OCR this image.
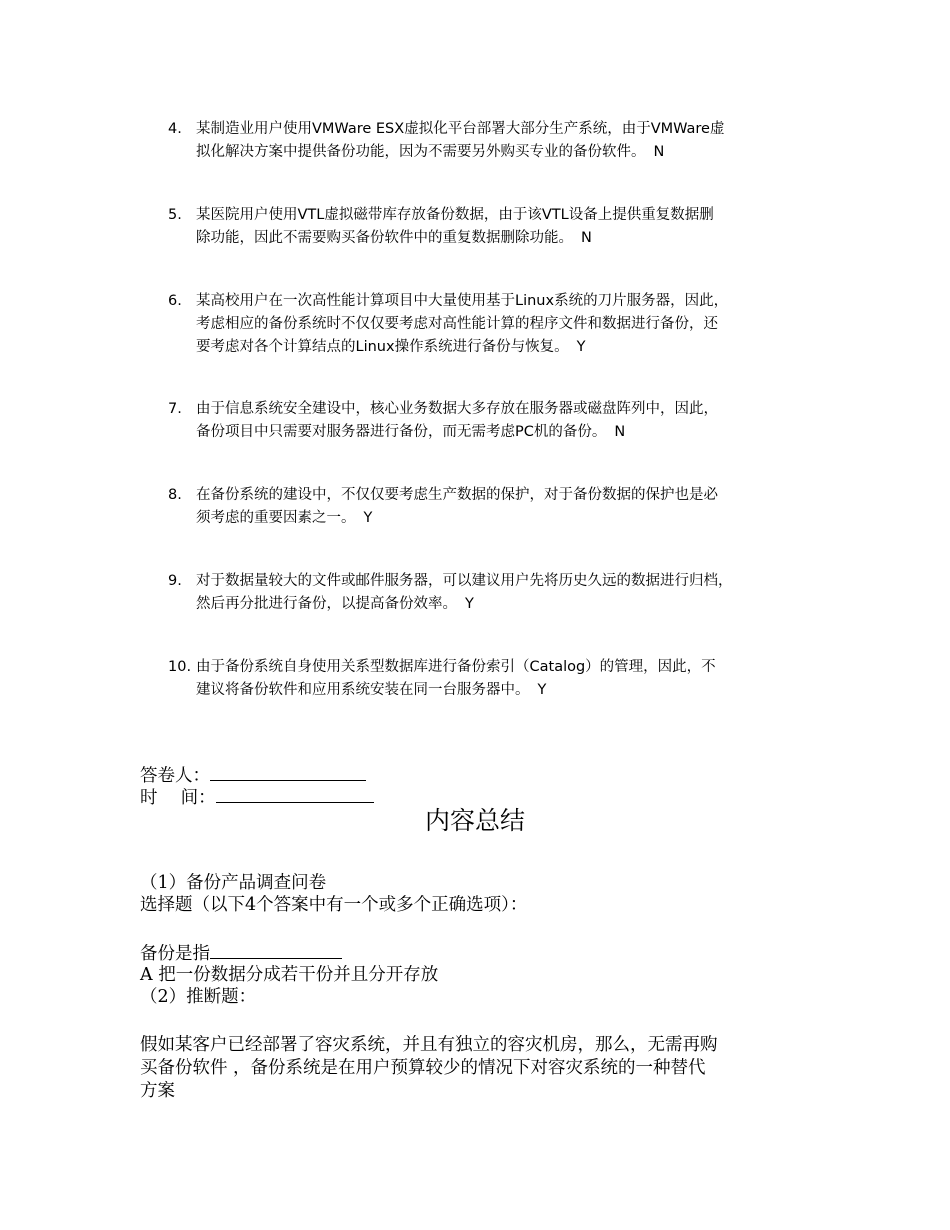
4. 某制造业用户使用VMWare ESX虚拟化平台部署大部分生产系统，由于VMWare虚
拟化解决方案中提供备份功能，因为不需要另外购买专业的备份软件。 N
5. 某医院用户使用VTL虚拟磁带库存放备份数据，由于该VTL设备上提供重复数据删
除功能，因此不需要购买备份软件中的重复数据删除功能。 N
6. 某高校用户在一次高性能计算项目中大量使用基于Linux系统的刀片服务器，因此，
考虑相应的备份系统时不仅仅要考虑对高性能计算的程序文件和数据进行备份，还
要考虑对各个计算结点的Linux操作系统进行备份与恢复。 Y
7. 由于信息系统安全建设中，核心业务数据大多存放在服务器或磁盘阵列中，因此，
备份项目中只需要对服务器进行备份，而无需考虑PC机的备份。 N
8. 在备份系统的建设中，不仅仅要考虑生产数据的保护，对于备份数据的保护也是必
须考虑的重要因素之一。 Y
9. 对于数据量较大的文件或邮件服务器，可以建议用户先将历史久远的数据进行归档，
然后再分批进行备份，以提高备份效率。 Y
10. 由于备份系统自身使用关系型数据库进行备份索引（Catalog）的管理，因此，不
建议将备份软件和应用系统安装在同一台服务器中。 Y
答卷人：
时　 间：
内容总结
（1）备份产品调查问卷
选择题（以下4个答案中有一个或多个正确选项）：
备份是指
A 把一份数据分成若干份并且分开存放
（2）推断题：
假如某客户已经部署了容灾系统，并且有独立的容灾机房，那么，无需再购
买备份软件 ，备份系统是在用户预算较少的情况下对容灾系统的一种替代
方案
